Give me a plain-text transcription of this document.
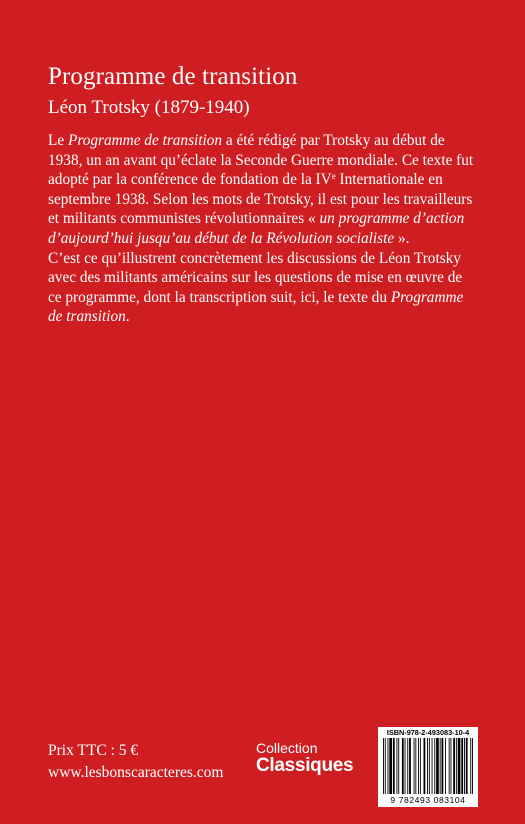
Programme de transition
Léon Trotsky (1879-1940)

Le Programme de transition a été rédigé par Trotsky au début de 1938, un an avant qu’éclate la Seconde Guerre mondiale. Ce texte fut adopté par la conférence de fondation de la IVe Internationale en septembre 1938. Selon les mots de Trotsky, il est pour les travailleurs et militants communistes révolutionnaires « un programme d’action d’aujourd’hui jusqu’au début de la Révolution socialiste ».

C’est ce qu’illustrent concrètement les discussions de Léon Trotsky avec des militants américains sur les questions de mise en œuvre de ce programme, dont la transcription suit, ici, le texte du Programme de transition.

Prix TTC : 5 €
www.lesbonscaracteres.com
Collection
Classiques
ISBN-978-2-493083-10-4
9 782493 083104
